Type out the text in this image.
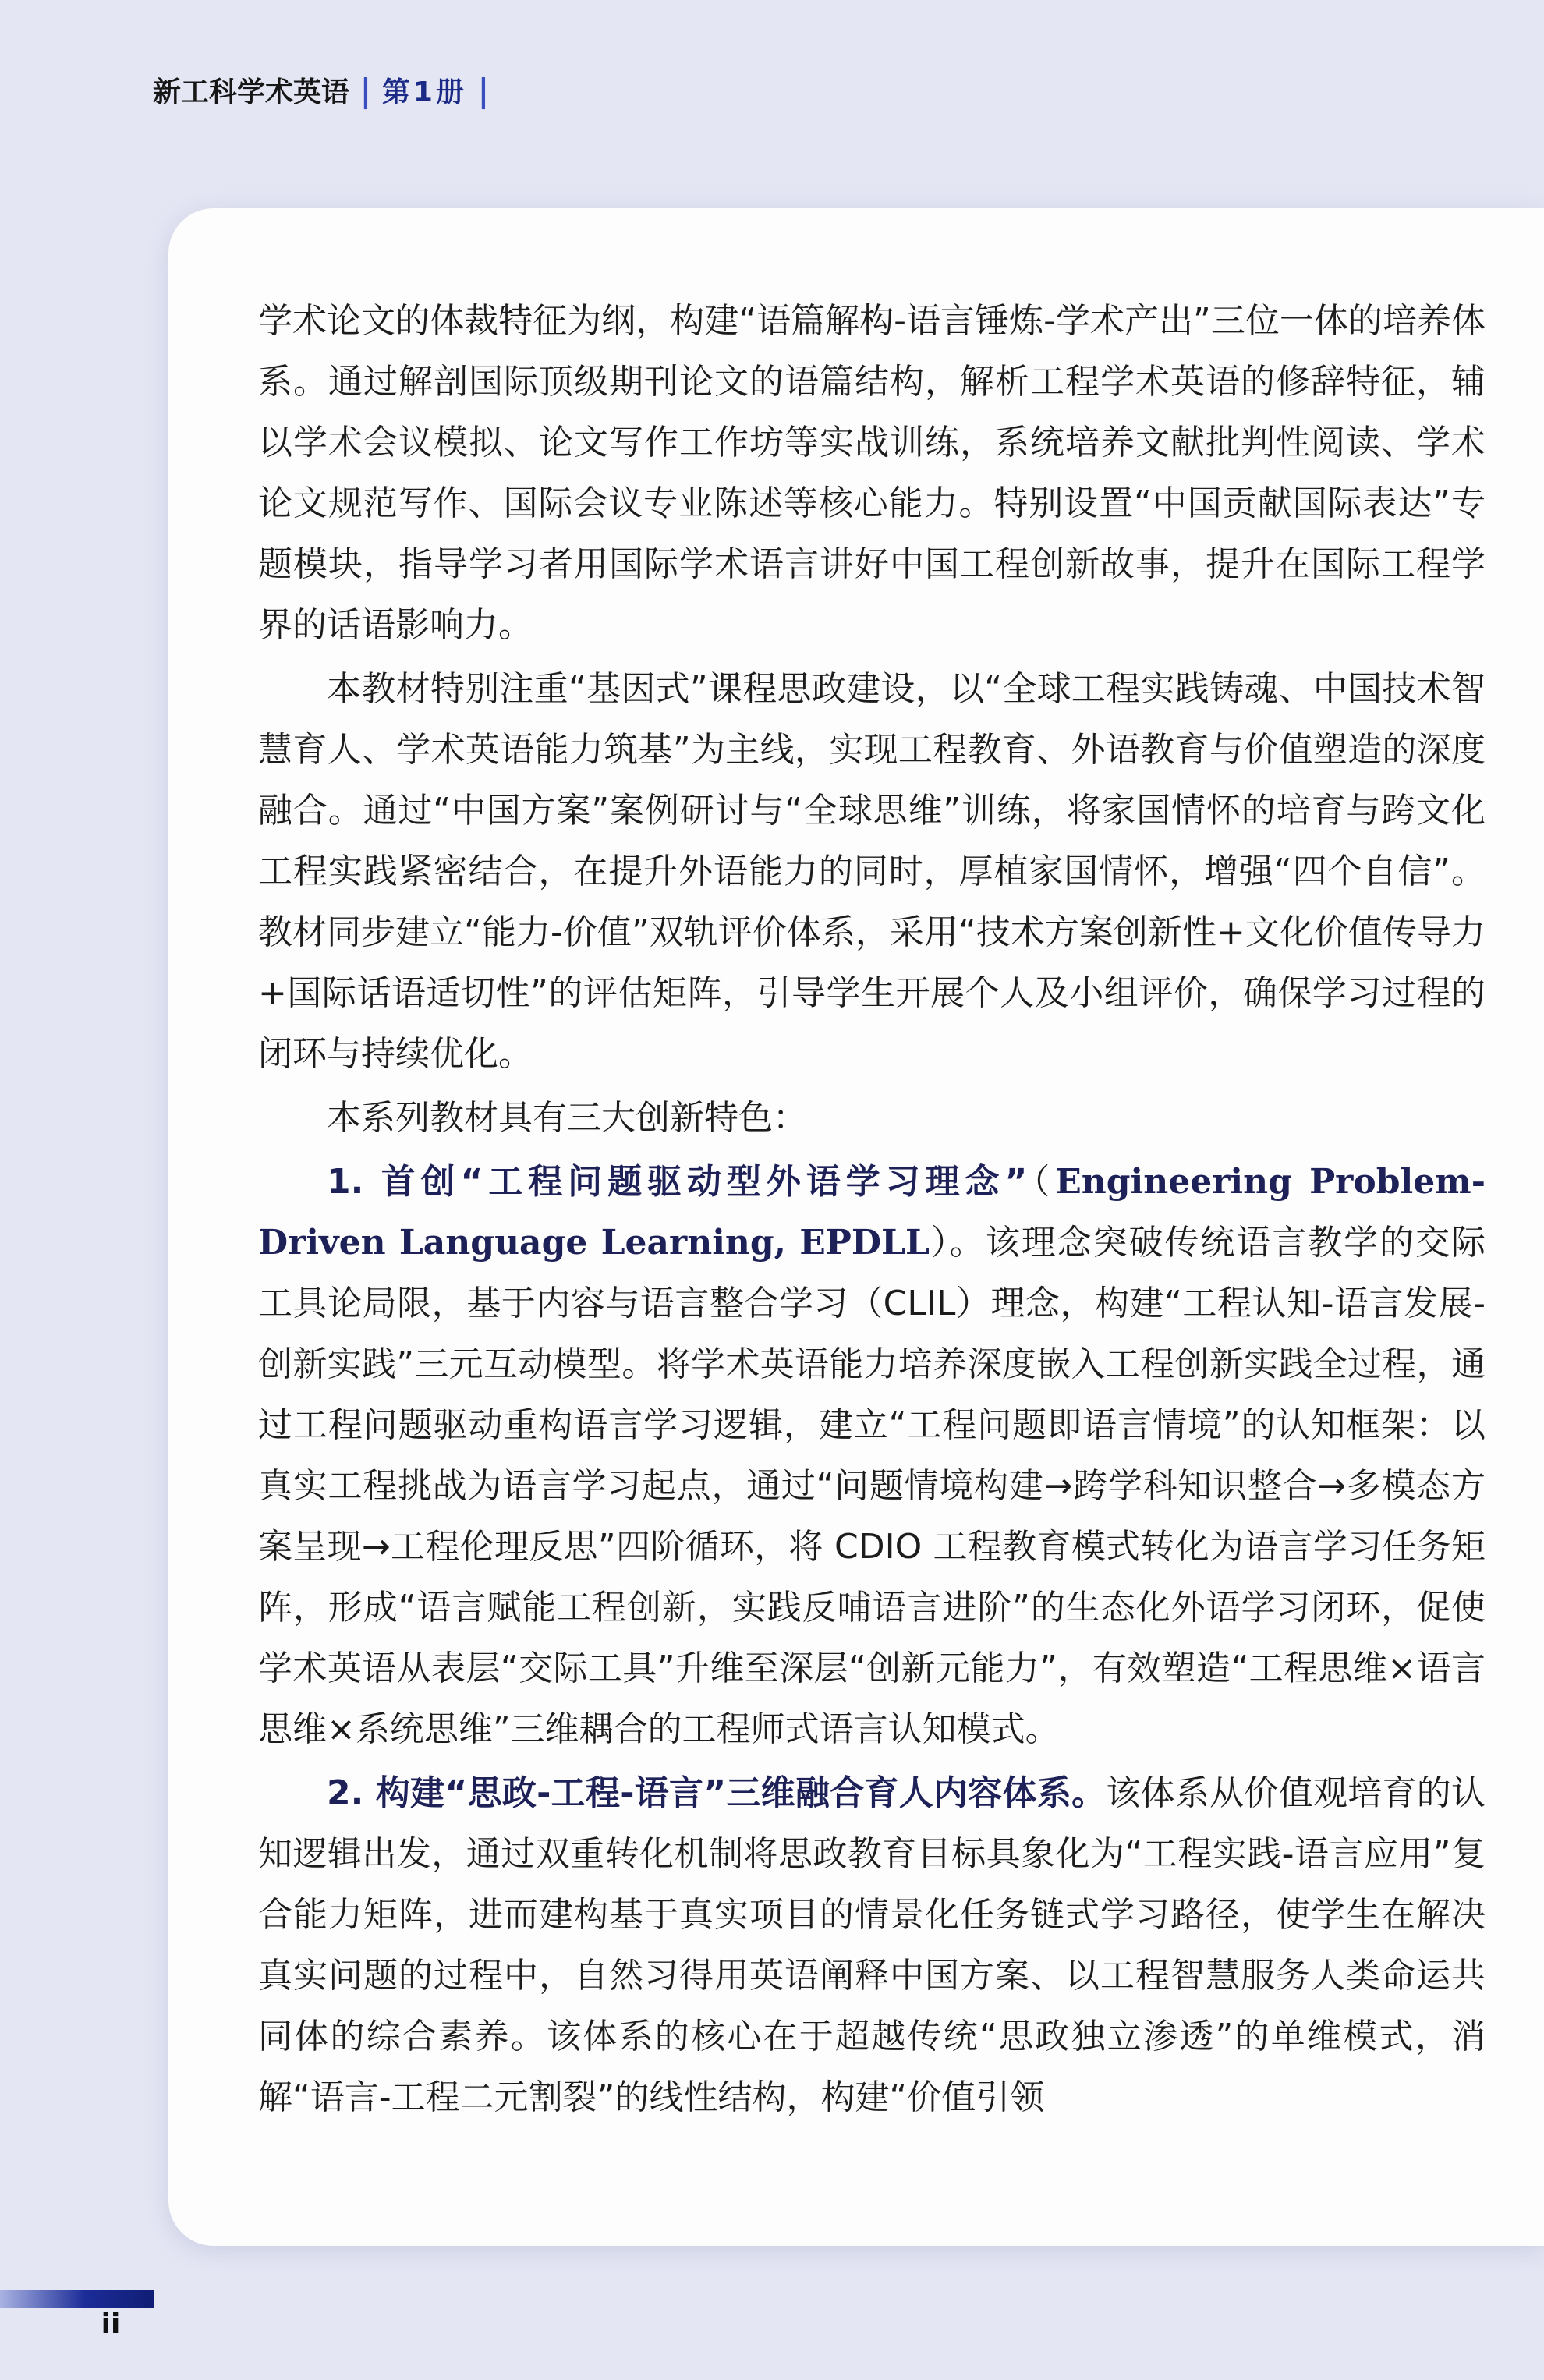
新工科学术英语 | 第1册 |

学术论文的体裁特征为纲，构建“语篇解构-语言锤炼-学术产出”三位一体的培养体系。通过解剖国际顶级期刊论文的语篇结构，解析工程学术英语的修辞特征，辅以学术会议模拟、论文写作工作坊等实战训练，系统培养文献批判性阅读、学术论文规范写作、国际会议专业陈述等核心能力。特别设置“中国贡献国际表达”专题模块，指导学习者用国际学术语言讲好中国工程创新故事，提升在国际工程学界的话语影响力。

本教材特别注重“基因式”课程思政建设，以“全球工程实践铸魂、中国技术智慧育人、学术英语能力筑基”为主线，实现工程教育、外语教育与价值塑造的深度融合。通过“中国方案”案例研讨与“全球思维”训练，将家国情怀的培育与跨文化工程实践紧密结合，在提升外语能力的同时，厚植家国情怀，增强“四个自信”。教材同步建立“能力-价值”双轨评价体系，采用“技术方案创新性+文化价值传导力+国际话语适切性”的评估矩阵，引导学生开展个人及小组评价，确保学习过程的闭环与持续优化。

本系列教材具有三大创新特色：

1. 首创“工程问题驱动型外语学习理念”（Engineering Problem-Driven Language Learning, EPDLL）。该理念突破传统语言教学的交际工具论局限，基于内容与语言整合学习（CLIL）理念，构建“工程认知-语言发展-创新实践”三元互动模型。将学术英语能力培养深度嵌入工程创新实践全过程，通过工程问题驱动重构语言学习逻辑，建立“工程问题即语言情境”的认知框架：以真实工程挑战为语言学习起点，通过“问题情境构建→跨学科知识整合→多模态方案呈现→工程伦理反思”四阶循环，将 CDIO 工程教育模式转化为语言学习任务矩阵，形成“语言赋能工程创新，实践反哺语言进阶”的生态化外语学习闭环，促使学术英语从表层“交际工具”升维至深层“创新元能力”，有效塑造“工程思维×语言思维×系统思维”三维耦合的工程师式语言认知模式。

2. 构建“思政-工程-语言”三维融合育人内容体系。该体系从价值观培育的认知逻辑出发，通过双重转化机制将思政教育目标具象化为“工程实践-语言应用”复合能力矩阵，进而建构基于真实项目的情景化任务链式学习路径，使学生在解决真实问题的过程中，自然习得用英语阐释中国方案、以工程智慧服务人类命运共同体的综合素养。该体系的核心在于超越传统“思政独立渗透”的单维模式，消解“语言-工程二元割裂”的线性结构，构建“价值引领

ii
